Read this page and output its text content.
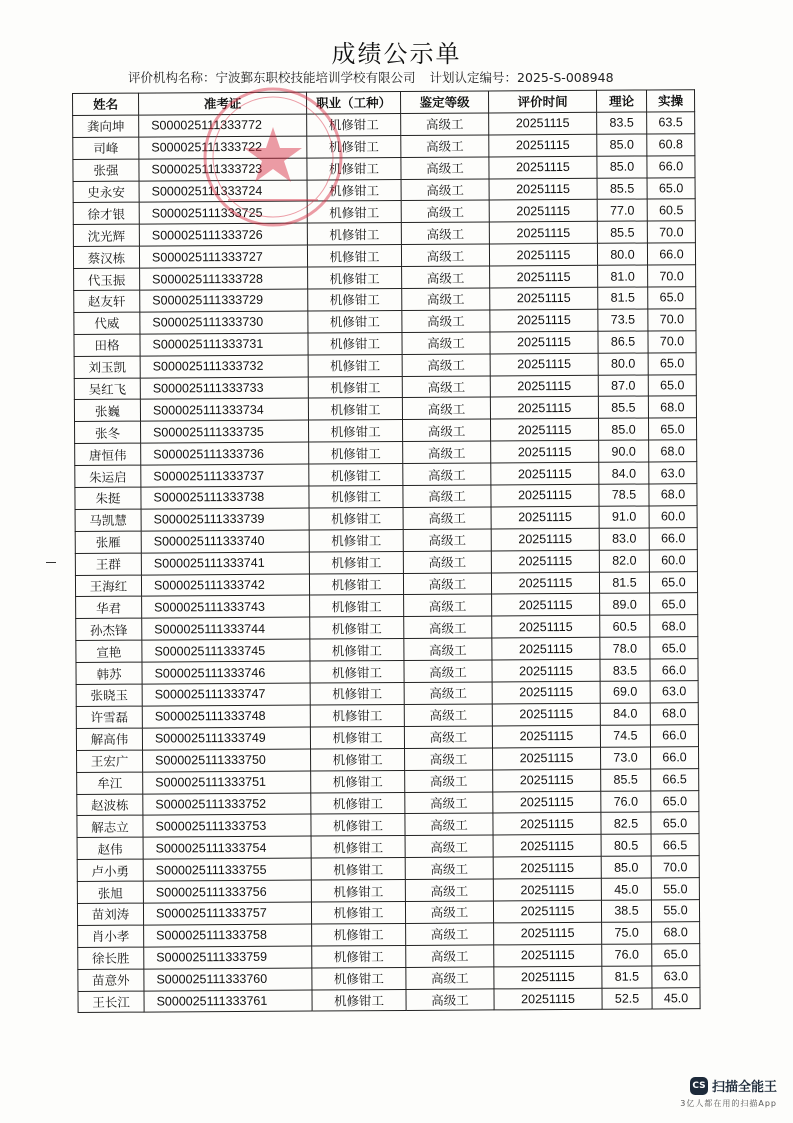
成绩公示单
评价机构名称：宁波鄞东职校技能培训学校有限公司 计划认定编号：2025-S-008948
姓名	准考证	职业（工种）	鉴定等级	评价时间	理论	实操
龚向坤	S000025111333772	机修钳工	高级工	20251115	83.5	63.5
司峰	S000025111333722	机修钳工	高级工	20251115	85.0	60.8
张强	S000025111333723	机修钳工	高级工	20251115	85.0	66.0
史永安	S000025111333724	机修钳工	高级工	20251115	85.5	65.0
徐才银	S000025111333725	机修钳工	高级工	20251115	77.0	60.5
沈光辉	S000025111333726	机修钳工	高级工	20251115	85.5	70.0
蔡汉栋	S000025111333727	机修钳工	高级工	20251115	80.0	66.0
代玉振	S000025111333728	机修钳工	高级工	20251115	81.0	70.0
赵友轩	S000025111333729	机修钳工	高级工	20251115	81.5	65.0
代威	S000025111333730	机修钳工	高级工	20251115	73.5	70.0
田格	S000025111333731	机修钳工	高级工	20251115	86.5	70.0
刘玉凯	S000025111333732	机修钳工	高级工	20251115	80.0	65.0
吴红飞	S000025111333733	机修钳工	高级工	20251115	87.0	65.0
张巍	S000025111333734	机修钳工	高级工	20251115	85.5	68.0
张冬	S000025111333735	机修钳工	高级工	20251115	85.0	65.0
唐恒伟	S000025111333736	机修钳工	高级工	20251115	90.0	68.0
朱运启	S000025111333737	机修钳工	高级工	20251115	84.0	63.0
朱挺	S000025111333738	机修钳工	高级工	20251115	78.5	68.0
马凯慧	S000025111333739	机修钳工	高级工	20251115	91.0	60.0
张雁	S000025111333740	机修钳工	高级工	20251115	83.0	66.0
王群	S000025111333741	机修钳工	高级工	20251115	82.0	60.0
王海红	S000025111333742	机修钳工	高级工	20251115	81.5	65.0
华君	S000025111333743	机修钳工	高级工	20251115	89.0	65.0
孙杰锋	S000025111333744	机修钳工	高级工	20251115	60.5	68.0
宣艳	S000025111333745	机修钳工	高级工	20251115	78.0	65.0
韩苏	S000025111333746	机修钳工	高级工	20251115	83.5	66.0
张晓玉	S000025111333747	机修钳工	高级工	20251115	69.0	63.0
许雪磊	S000025111333748	机修钳工	高级工	20251115	84.0	68.0
解高伟	S000025111333749	机修钳工	高级工	20251115	74.5	66.0
王宏广	S000025111333750	机修钳工	高级工	20251115	73.0	66.0
牟江	S000025111333751	机修钳工	高级工	20251115	85.5	66.5
赵波栋	S000025111333752	机修钳工	高级工	20251115	76.0	65.0
解志立	S000025111333753	机修钳工	高级工	20251115	82.5	65.0
赵伟	S000025111333754	机修钳工	高级工	20251115	80.5	66.5
卢小勇	S000025111333755	机修钳工	高级工	20251115	85.0	70.0
张旭	S000025111333756	机修钳工	高级工	20251115	45.0	55.0
苗刘涛	S000025111333757	机修钳工	高级工	20251115	38.5	55.0
肖小孝	S000025111333758	机修钳工	高级工	20251115	75.0	68.0
徐长胜	S000025111333759	机修钳工	高级工	20251115	76.0	65.0
苗意外	S000025111333760	机修钳工	高级工	20251115	81.5	63.0
王长江	S000025111333761	机修钳工	高级工	20251115	52.5	45.0
CS 扫描全能王
3亿人都在用的扫描App
